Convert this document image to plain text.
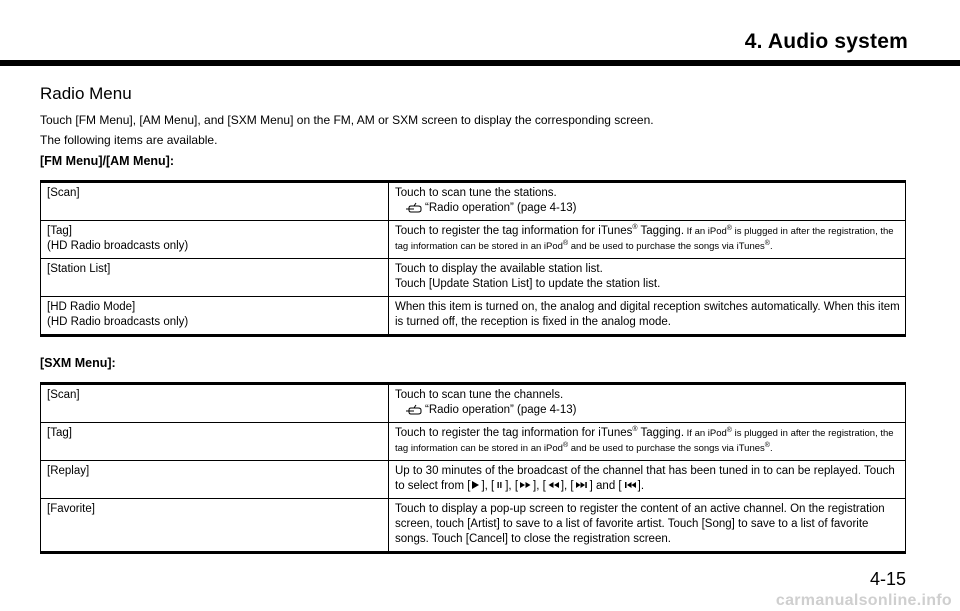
4. Audio system
Radio Menu
Touch [FM Menu], [AM Menu], and [SXM Menu] on the FM, AM or SXM screen to display the corresponding screen.
The following items are available.
[FM Menu]/[AM Menu]:
[Scan]	Touch to scan tune the stations.
“Radio operation” (page 4-13)

[Tag]
(HD Radio broadcasts only)	Touch to register the tag information for iTunes® Tagging. If an iPod® is plugged in after the registration, the tag information can be stored in an iPod® and be used to purchase the songs via iTunes®.
[Station List]	Touch to display the available station list.
Touch [Update Station List] to update the station list.
[HD Radio Mode]
(HD Radio broadcasts only)	When this item is turned on, the analog and digital reception switches automatically. When this item is turned off, the reception is fixed in the analog mode.
[SXM Menu]:
[Scan]	Touch to scan tune the channels.
“Radio operation” (page 4-13)

[Tag]	Touch to register the tag information for iTunes® Tagging. If an iPod® is plugged in after the registration, the tag information can be stored in an iPod® and be used to purchase the songs via iTunes®.
[Replay]	Up to 30 minutes of the broadcast of the channel that has been tuned in to can be replayed. Touch
to select from [ ], [ ], [ ], [ ], [ ] and [ ].
[Favorite]	Touch to display a pop-up screen to register the content of an active channel. On the registration screen, touch [Artist] to save to a list of favorite artist. Touch [Song] to save to a list of favorite songs. Touch [Cancel] to close the registration screen.
4-15
carmanualsonline.info
